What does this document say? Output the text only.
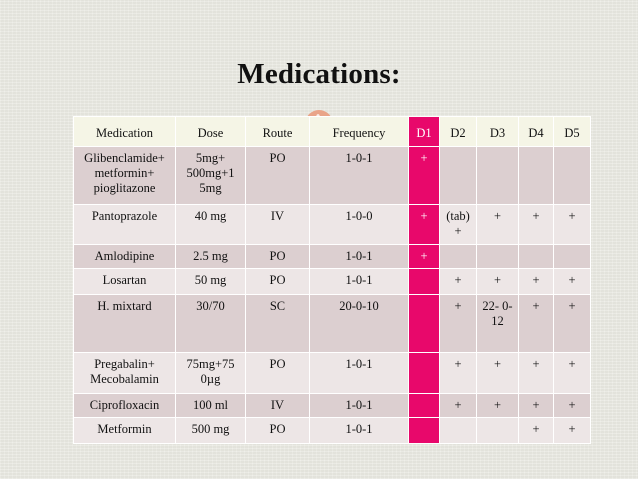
Medications:
Medication	Dose	Route	Frequency	D1	D2	D3	D4	D5
Glibenclamide+ metformin+ pioglitazone	5mg+ 500mg+1 5mg	PO	1-0-1	+				
Pantoprazole	40 mg	IV	1-0-0	+	(tab) +	+	+	+
Amlodipine	2.5 mg	PO	1-0-1	+				
Losartan	50 mg	PO	1-0-1		+	+	+	+
H. mixtard	30/70	SC	20-0-10		+	22- 0- 12	+	+
Pregabalin+ Mecobalamin	75mg+75 0µg	PO	1-0-1		+	+	+	+
Ciprofloxacin	100 ml	IV	1-0-1		+	+	+	+
Metformin	500 mg	PO	1-0-1				+	+
